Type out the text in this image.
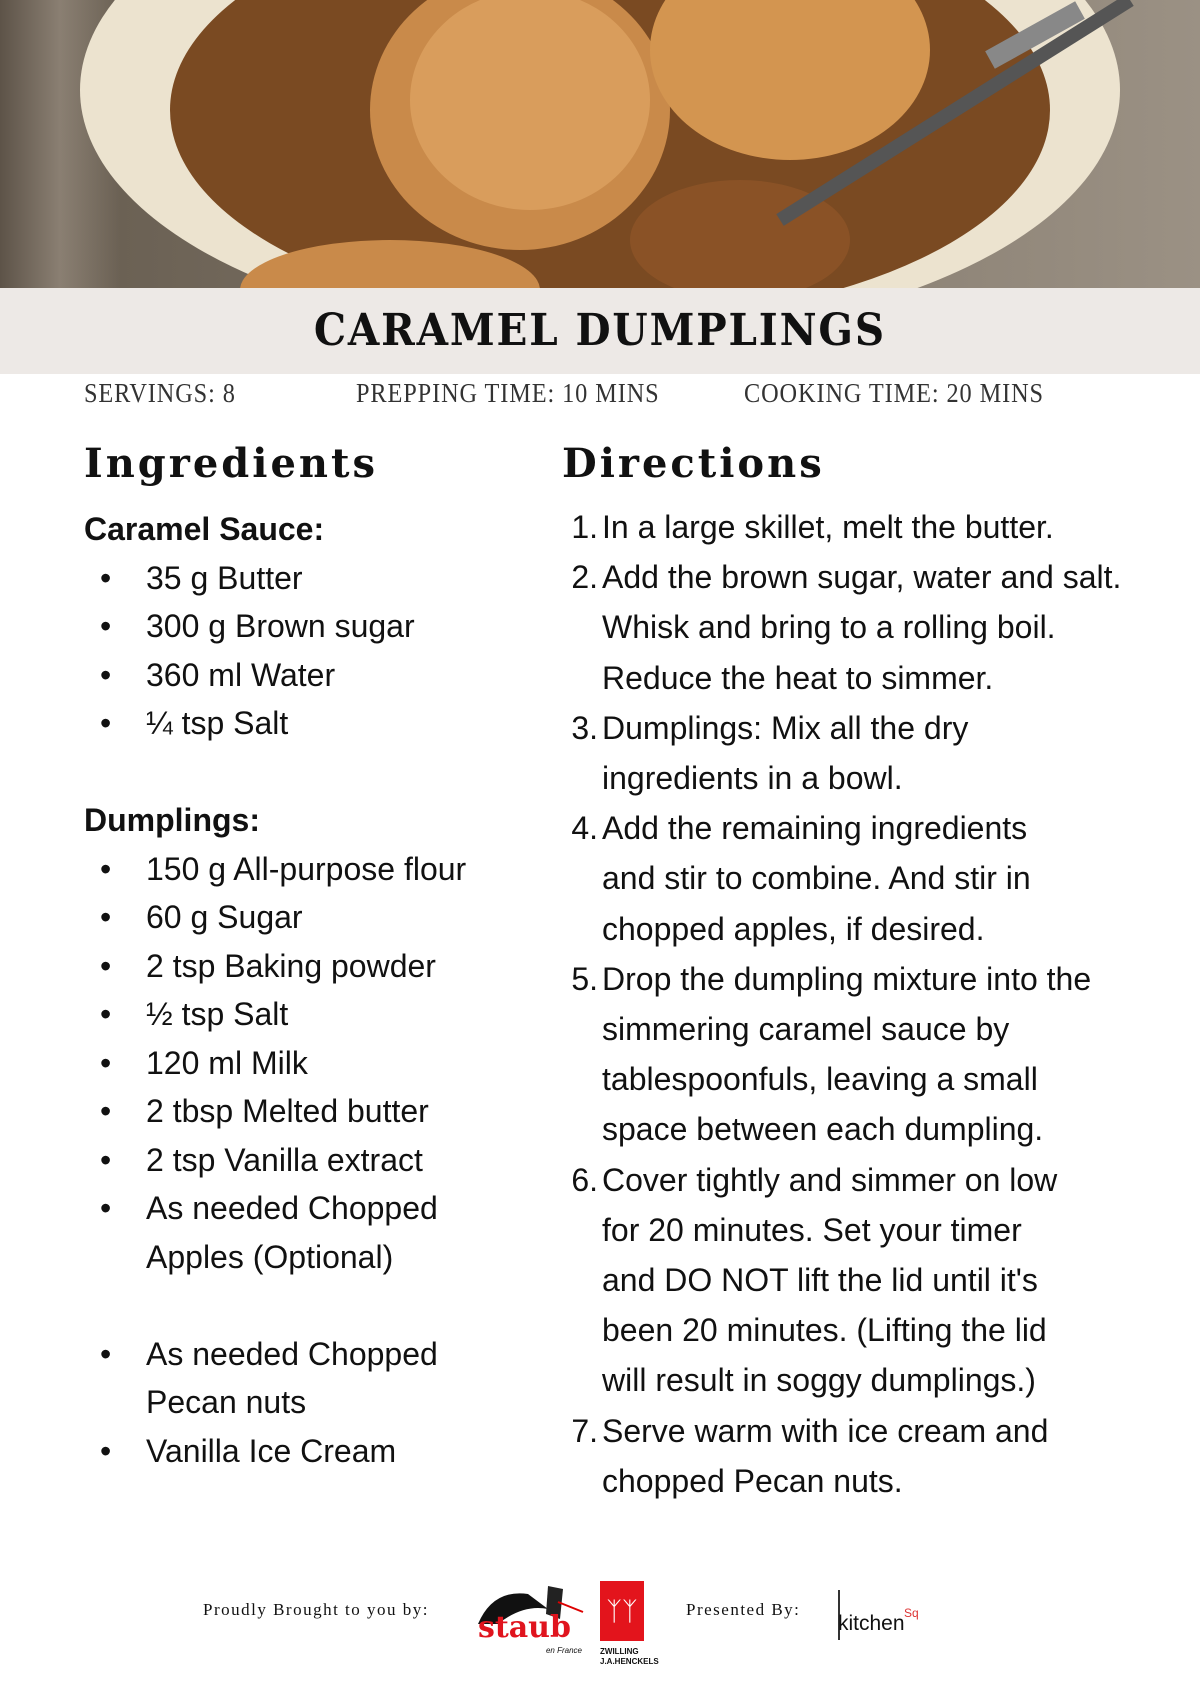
CARAMEL DUMPLINGS
SERVINGS: 8	PREPPING TIME: 10 MINS	COOKING TIME: 20 MINS
Ingredients	Directions
Caramel Sauce:
• 35 g Butter
• 300 g Brown sugar
• 360 ml Water
• ¼ tsp Salt
Dumplings:
• 150 g All-purpose flour
• 60 g Sugar
• 2 tsp Baking powder
• ½ tsp Salt
• 120 ml Milk
• 2 tbsp Melted butter
• 2 tsp Vanilla extract
• As needed Chopped Apples (Optional)
• As needed Chopped Pecan nuts
• Vanilla Ice Cream
1. In a large skillet, melt the butter.
2. Add the brown sugar, water and salt. Whisk and bring to a rolling boil. Reduce the heat to simmer.
3. Dumplings: Mix all the dry ingredients in a bowl.
4. Add the remaining ingredients and stir to combine. And stir in chopped apples, if desired.
5. Drop the dumpling mixture into the simmering caramel sauce by tablespoonfuls, leaving a small space between each dumpling.
6. Cover tightly and simmer on low for 20 minutes. Set your timer and DO NOT lift the lid until it's been 20 minutes. (Lifting the lid will result in soggy dumplings.)
7. Serve warm with ice cream and chopped Pecan nuts.
Proudly Brought to you by:
staub
en France
ᛉᛉ
ZWILLING J.A.HENCKELS
Presented By:
kitchen Sq
